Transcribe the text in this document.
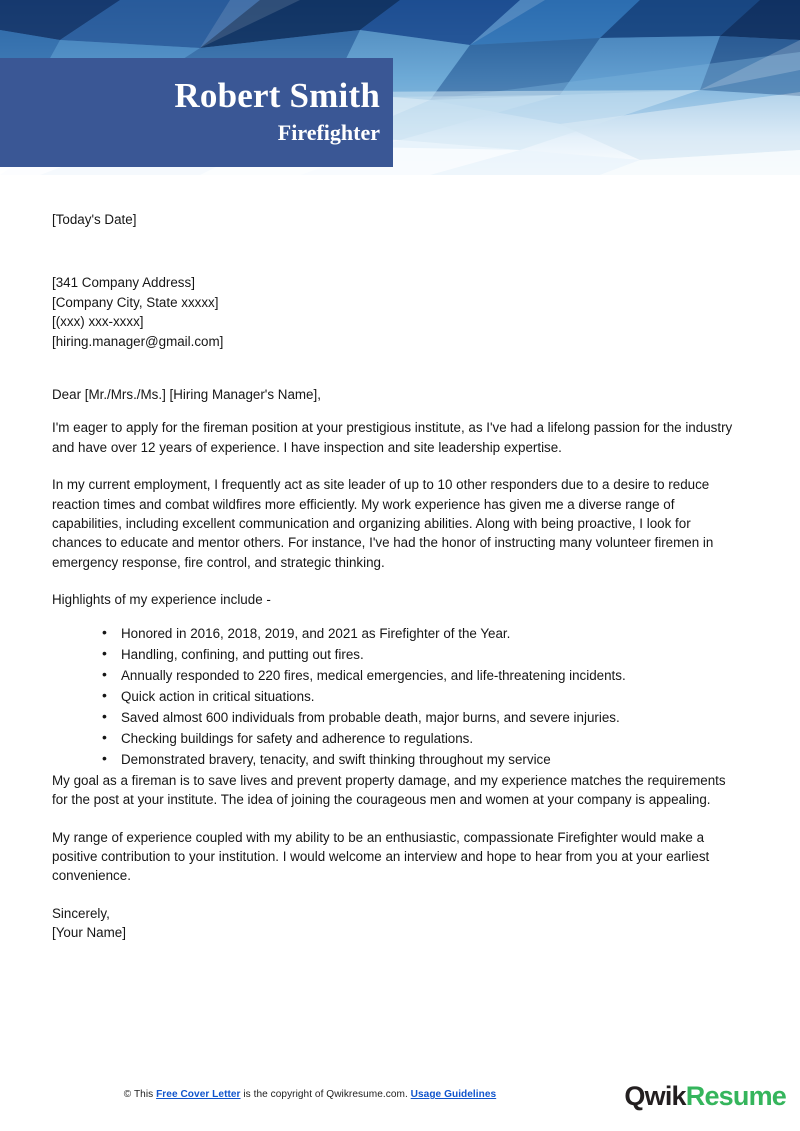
Robert Smith
Firefighter

[Today's Date]

[341 Company Address]
[Company City, State xxxxx]
[(xxx) xxx-xxxx]
[hiring.manager@gmail.com]

Dear [Mr./Mrs./Ms.] [Hiring Manager's Name],

I'm eager to apply for the fireman position at your prestigious institute, as I've had a lifelong passion for the industry and have over 12 years of experience. I have inspection and site leadership expertise.

In my current employment, I frequently act as site leader of up to 10 other responders due to a desire to reduce reaction times and combat wildfires more efficiently. My work experience has given me a diverse range of capabilities, including excellent communication and organizing abilities. Along with being proactive, I look for chances to educate and mentor others. For instance, I've had the honor of instructing many volunteer firemen in emergency response, fire control, and strategic thinking.

Highlights of my experience include -

• Honored in 2016, 2018, 2019, and 2021 as Firefighter of the Year.
• Handling, confining, and putting out fires.
• Annually responded to 220 fires, medical emergencies, and life-threatening incidents.
• Quick action in critical situations.
• Saved almost 600 individuals from probable death, major burns, and severe injuries.
• Checking buildings for safety and adherence to regulations.
• Demonstrated bravery, tenacity, and swift thinking throughout my service

My goal as a fireman is to save lives and prevent property damage, and my experience matches the requirements for the post at your institute. The idea of joining the courageous men and women at your company is appealing.

My range of experience coupled with my ability to be an enthusiastic, compassionate Firefighter would make a positive contribution to your institution. I would welcome an interview and hope to hear from you at your earliest convenience.

Sincerely,
[Your Name]
© This Free Cover Letter is the copyright of Qwikresume.com. Usage Guidelines	QwikResume
